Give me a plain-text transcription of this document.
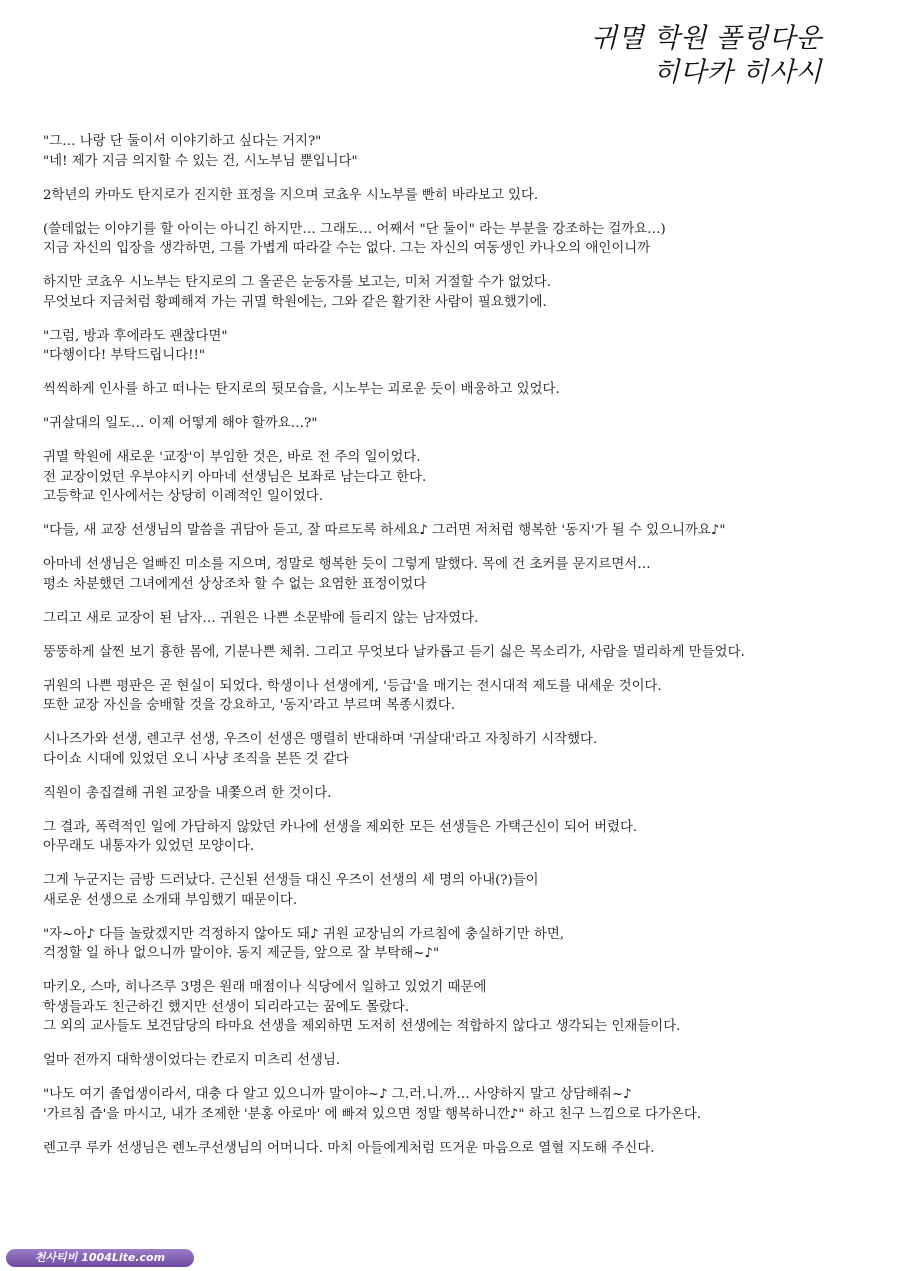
귀멸 학원 폴링다운
히다카 히사시
"그… 나랑 단 둘이서 이야기하고 싶다는 거지?"
"네! 제가 지금 의지할 수 있는 건, 시노부님 뿐입니다"
2학년의 카마도 탄지로가 진지한 표정을 지으며 코쵸우 시노부를 빤히 바라보고 있다.
(쓸데없는 이야기를 할 아이는 아니긴 하지만… 그래도… 어째서 "단 둘이" 라는 부분을 강조하는 걸까요…)
지금 자신의 입장을 생각하면, 그를 가볍게 따라갈 수는 없다. 그는 자신의 여동생인 카나오의 애인이니까
하지만 코쵸우 시노부는 탄지로의 그 올곧은 눈동자를 보고는, 미처 거절할 수가 없었다.
무엇보다 지금처럼 황폐해져 가는 귀멸 학원에는, 그와 같은 활기찬 사람이 필요했기에.
"그럼, 방과 후에라도 괜찮다면"
"다행이다! 부탁드립니다!!"
씩씩하게 인사를 하고 떠나는 탄지로의 뒷모습을, 시노부는 괴로운 듯이 배웅하고 있었다.
"귀살대의 일도… 이제 어떻게 해야 할까요…?"
귀멸 학원에 새로운 '교장'이 부임한 것은, 바로 전 주의 일이었다.
전 교장이었던 우부야시키 아마네 선생님은 보좌로 남는다고 한다.
고등학교 인사에서는 상당히 이례적인 일이었다.
"다들, 새 교장 선생님의 말씀을 귀담아 듣고, 잘 따르도록 하세요♪ 그러면 저처럼 행복한 '동지'가 될 수 있으니까요♪"
아마네 선생님은 얼빠진 미소를 지으며, 정말로 행복한 듯이 그렇게 말했다. 목에 건 초커를 문지르면서…
평소 차분했던 그녀에게선 상상조차 할 수 없는 요염한 표정이었다
그리고 새로 교장이 된 남자… 귀원은 나쁜 소문밖에 들리지 않는 남자였다.
뚱뚱하게 살찐 보기 흉한 몸에, 기분나쁜 체취. 그리고 무엇보다 날카롭고 듣기 싫은 목소리가, 사람을 멀리하게 만들었다.
귀원의 나쁜 평판은 곧 현실이 되었다. 학생이나 선생에게, '등급'을 매기는 전시대적 제도를 내세운 것이다.
또한 교장 자신을 숭배할 것을 강요하고, '동지'라고 부르며 복종시켰다.
시나즈가와 선생, 렌고쿠 선생, 우즈이 선생은 맹렬히 반대하며 '귀살대'라고 자칭하기 시작했다.
다이쇼 시대에 있었던 오니 사냥 조직을 본뜬 것 같다
직원이 총집결해 귀원 교장을 내쫓으려 한 것이다.
그 결과, 폭력적인 일에 가담하지 않았던 카나에 선생을 제외한 모든 선생들은 가택근신이 되어 버렸다.
아무래도 내통자가 있었던 모양이다.
그게 누군지는 금방 드러났다. 근신된 선생들 대신 우즈이 선생의 세 명의 아내(?)들이
새로운 선생으로 소개돼 부임했기 때문이다.
"자~아♪ 다들 놀랐겠지만 걱정하지 않아도 돼♪ 귀원 교장님의 가르침에 충실하기만 하면,
걱정할 일 하나 없으니까 말이야. 동지 제군들, 앞으로 잘 부탁해~♪"
마키오, 스마, 히나즈루 3명은 원래 매점이나 식당에서 일하고 있었기 때문에
학생들과도 친근하긴 했지만 선생이 되리라고는 꿈에도 몰랐다.
그 외의 교사들도 보건담당의 타마요 선생을 제외하면 도저히 선생에는 적합하지 않다고 생각되는 인재들이다.
얼마 전까지 대학생이었다는 칸로지 미츠리 선생님.
"나도 여기 졸업생이라서, 대충 다 알고 있으니까 말이야~♪ 그.러.니.까… 사양하지 말고 상담해줘~♪
'가르침 즙'을 마시고, 내가 조제한 '분홍 아로마' 에 빠져 있으면 정말 행복하니깐♪" 하고 친구 느낌으로 다가온다.
렌고쿠 루카 선생님은 렌노쿠선생님의 어머니다. 마치 아들에게처럼 뜨거운 마음으로 열혈 지도해 주신다.
천사티비 1004Lite.com
